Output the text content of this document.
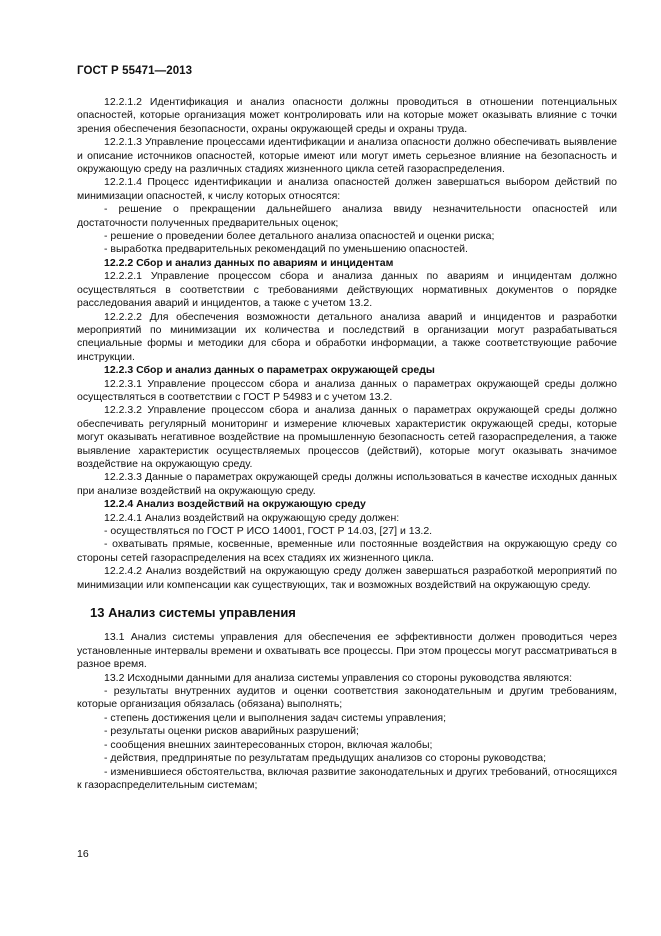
ГОСТ Р 55471—2013

12.2.1.2 Идентификация и анализ опасности должны проводиться в отношении потенциальных опасностей, которые организация может контролировать или на которые может оказывать влияние с точки зрения обеспечения безопасности, охраны окружающей среды и охраны труда.

12.2.1.3 Управление процессами идентификации и анализа опасности должно обеспечивать выявление и описание источников опасностей, которые имеют или могут иметь серьезное влияние на безопасность и окружающую среду на различных стадиях жизненного цикла сетей газораспределения.

12.2.1.4 Процесс идентификации и анализа опасностей должен завершаться выбором действий по минимизации опасностей, к числу которых относятся:

- решение о прекращении дальнейшего анализа ввиду незначительности опасностей или достаточности полученных предварительных оценок;

- решение о проведении более детального анализа опасностей и оценки риска;

- выработка предварительных рекомендаций по уменьшению опасностей.

12.2.2 Сбор и анализ данных по авариям и инцидентам

12.2.2.1 Управление процессом сбора и анализа данных по авариям и инцидентам должно осуществляться в соответствии с требованиями действующих нормативных документов о порядке расследования аварий и инцидентов, а также с учетом 13.2.

12.2.2.2 Для обеспечения возможности детального анализа аварий и инцидентов и разработки мероприятий по минимизации их количества и последствий в организации могут разрабатываться специальные формы и методики для сбора и обработки информации, а также соответствующие рабочие инструкции.

12.2.3 Сбор и анализ данных о параметрах окружающей среды

12.2.3.1 Управление процессом сбора и анализа данных о параметрах окружающей среды должно осуществляться в соответствии с ГОСТ Р 54983 и с учетом 13.2.

12.2.3.2 Управление процессом сбора и анализа данных о параметрах окружающей среды должно обеспечивать регулярный мониторинг и измерение ключевых характеристик окружающей среды, которые могут оказывать негативное воздействие на промышленную безопасность сетей газораспределения, а также выявление характеристик осуществляемых процессов (действий), которые могут оказывать значимое воздействие на окружающую среду.

12.2.3.3 Данные о параметрах окружающей среды должны использоваться в качестве исходных данных при анализе воздействий на окружающую среду.

12.2.4 Анализ воздействий на окружающую среду

12.2.4.1 Анализ воздействий на окружающую среду должен:

- осуществляться по ГОСТ Р ИСО 14001, ГОСТ Р 14.03, [27] и 13.2.

- охватывать прямые, косвенные, временные или постоянные воздействия на окружающую среду со стороны сетей газораспределения на всех стадиях их жизненного цикла.

12.2.4.2 Анализ воздействий на окружающую среду должен завершаться разработкой мероприятий по минимизации или компенсации как существующих, так и возможных воздействий на окружающую среду.

13 Анализ системы управления

13.1 Анализ системы управления для обеспечения ее эффективности должен проводиться через установленные интервалы времени и охватывать все процессы. При этом процессы могут рассматриваться в разное время.

13.2 Исходными данными для анализа системы управления со стороны руководства являются:

- результаты внутренних аудитов и оценки соответствия законодательным и другим требованиям, которые организация обязалась (обязана) выполнять;

- степень достижения цели и выполнения задач системы управления;

- результаты оценки рисков аварийных разрушений;

- сообщения внешних заинтересованных сторон, включая жалобы;

- действия, предпринятые по результатам предыдущих анализов со стороны руководства;

- изменившиеся обстоятельства, включая развитие законодательных и других требований, относящихся к газораспределительным системам;

16
